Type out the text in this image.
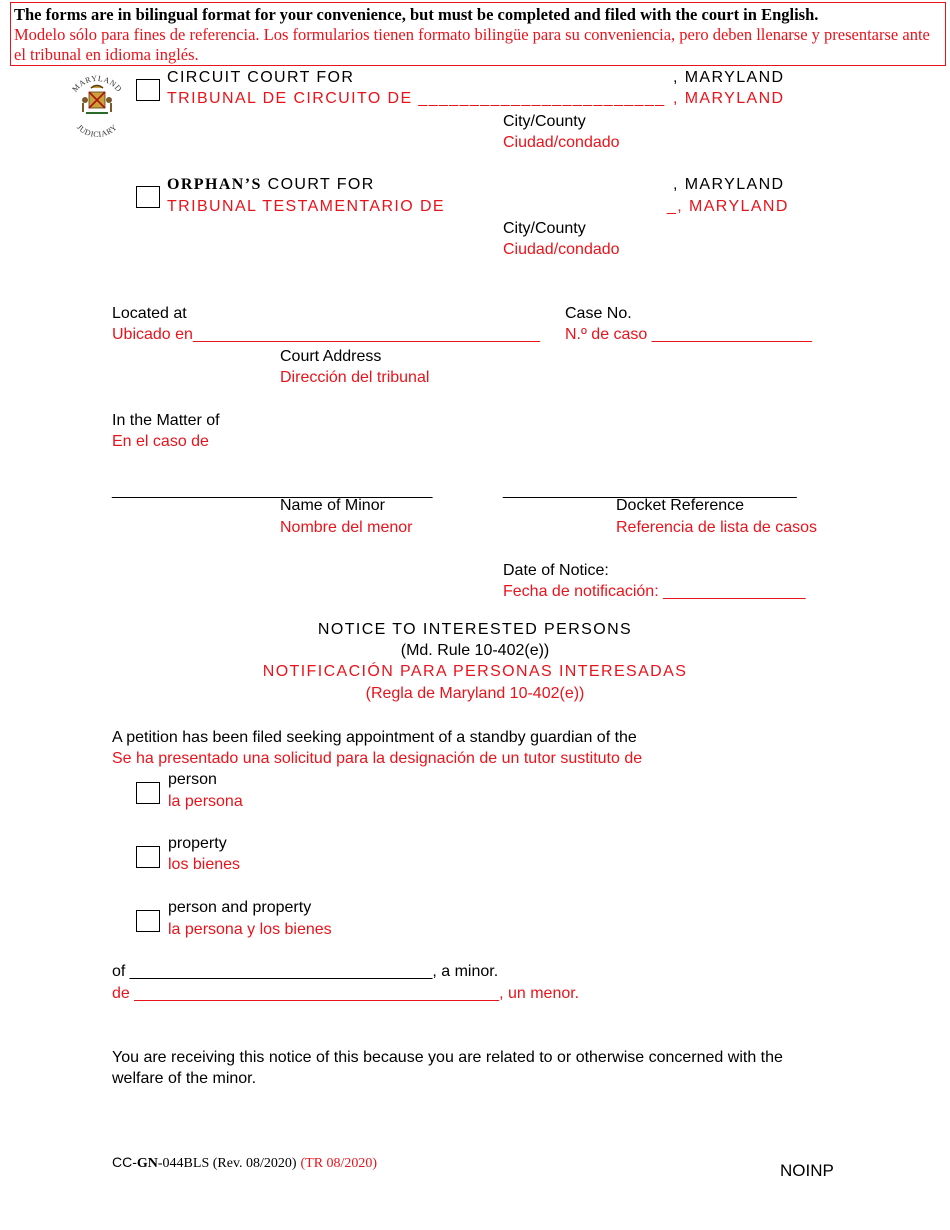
The forms are in bilingual format for your convenience, but must be completed and filed with the court in English.
Modelo sólo para fines de referencia. Los formularios tienen formato bilingüe para su conveniencia, pero deben llenarse y presentarse ante el tribunal en idioma inglés.
MARYLAND
JUDICIARY
CIRCUIT COURT FOR
TRIBUNAL DE CIRCUITO DE ________________________
, MARYLAND
, MARYLAND
City/County
Ciudad/condado
ORPHAN’S COURT FOR
TRIBUNAL TESTAMENTARIO DE
, MARYLAND
_, MARYLAND
City/County
Ciudad/condado
Located at
Ubicado en_______________________________________
Court Address
Dirección del tribunal
Case No.
N.º de caso __________________
In the Matter of
En el caso de
____________________________________	_________________________________
Name of Minor
Nombre del menor
Docket Reference
Referencia de lista de casos
Date of Notice:
Fecha de notificación: ________________
NOTICE TO INTERESTED PERSONS
(Md. Rule 10-402(e))
NOTIFICACIÓN PARA PERSONAS INTERESADAS
(Regla de Maryland 10-402(e))
A petition has been filed seeking appointment of a standby guardian of the
Se ha presentado una solicitud para la designación de un tutor sustituto de
person
la persona
property
los bienes
person and property
la persona y los bienes
of __________________________________, a minor.
de _________________________________________, un menor.
You are receiving this notice of this because you are related to or otherwise concerned with the
welfare of the minor.
CC-GN-044BLS (Rev. 08/2020) (TR 08/2020)	NOINP
